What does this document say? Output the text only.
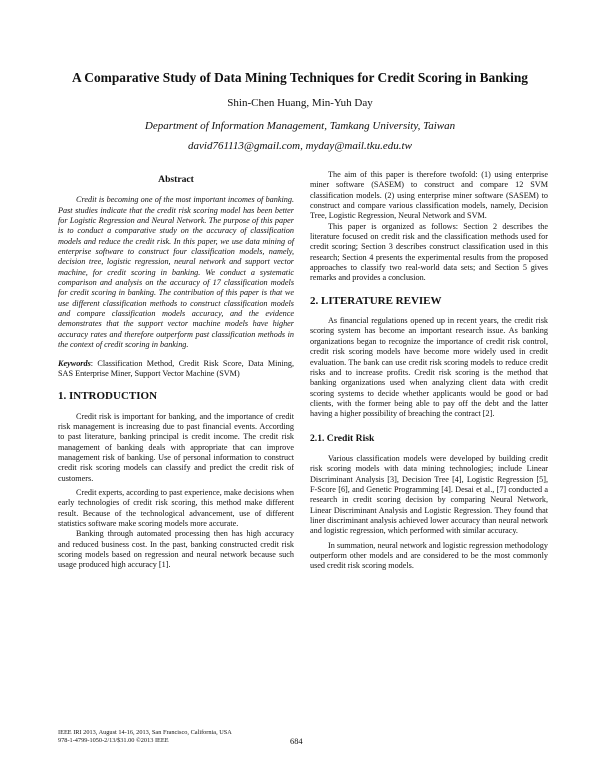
A Comparative Study of Data Mining Techniques for Credit Scoring in Banking
Shin-Chen Huang, Min-Yuh Day
Department of Information Management, Tamkang University, Taiwan
david761113@gmail.com, myday@mail.tku.edu.tw
Abstract

Credit is becoming one of the most important incomes of banking. Past studies indicate that the credit risk scoring model has been better for Logistic Regression and Neural Network. The purpose of this paper is to conduct a comparative study on the accuracy of classification models and reduce the credit risk. In this paper, we use data mining of enterprise software to construct four classification models, namely, decision tree, logistic regression, neural network and support vector machine, for credit scoring in banking. We conduct a systematic comparison and analysis on the accuracy of 17 classification models for credit scoring in banking. The contribution of this paper is that we use different classification methods to construct classification models and compare classification models accuracy, and the evidence demonstrates that the support vector machine models have higher accuracy rates and therefore outperform past classification methods in the context of credit scoring in banking.

Keywords: Classification Method, Credit Risk Score, Data Mining, SAS Enterprise Miner, Support Vector Machine (SVM)

1. INTRODUCTION

Credit risk is important for banking, and the importance of credit risk management is increasing due to past financial events. According to past literature, banking principal is credit income. The credit risk management of banking deals with appropriate that can improve management risk of banking. Use of personal information to construct credit risk scoring models can classify and predict the credit risk of customers.

Credit experts, according to past experience, make decisions when early technologies of credit risk scoring, this method make different result. Because of the technological advancement, use of different statistics software make scoring models more accurate.

Banking through automated processing then has high accuracy and reduced business cost. In the past, banking constructed credit risk scoring models based on regression and neural network because such usage produced high accuracy [1].

The aim of this paper is therefore twofold: (1) using enterprise miner software (SASEM) to construct and compare 12 SVM classification models. (2) using enterprise miner software (SASEM) to construct and compare various classification models, namely, Decision Tree, Logistic Regression, Neural Network and SVM.

This paper is organized as follows: Section 2 describes the literature focused on credit risk and the classification methods used for credit scoring; Section 3 describes construct classification used in this research; Section 4 presents the experimental results from the proposed approaches to classify two real-world data sets; and Section 5 gives remarks and provides a conclusion.

2. LITERATURE REVIEW

As financial regulations opened up in recent years, the credit risk scoring system has become an important research issue. As banking organizations began to recognize the importance of credit risk control, credit risk scoring models have become more widely used in credit evaluation. The bank can use credit risk scoring models to reduce credit risks and to increase profits. Credit risk scoring is the method that banking organizations used when analyzing client data with credit scoring systems to decide whether applicants would be good or bad clients, with the former being able to pay off the debt and the latter having a higher possibility of breaching the contract [2].

2.1. Credit Risk

Various classification models were developed by building credit risk scoring models with data mining technologies; include Linear Discriminant Analysis [3], Decision Tree [4], Logistic Regression [5], F-Score [6], and Genetic Programming [4]. Desai et al., [7] conducted a research in credit scoring decision by comparing Neural Network, Linear Discriminant Analysis and Logistic Regression. They found that liner discriminant analysis achieved lower accuracy than neural network and logistic regression, which performed with similar accuracy.

In summation, neural network and logistic regression methodology outperform other models and are considered to be the most commonly used credit risk scoring models.

IEEE IRI 2013, August 14-16, 2013, San Francisco, California, USA
978-1-4799-1050-2/13/$31.00 ©2013 IEEE	684
